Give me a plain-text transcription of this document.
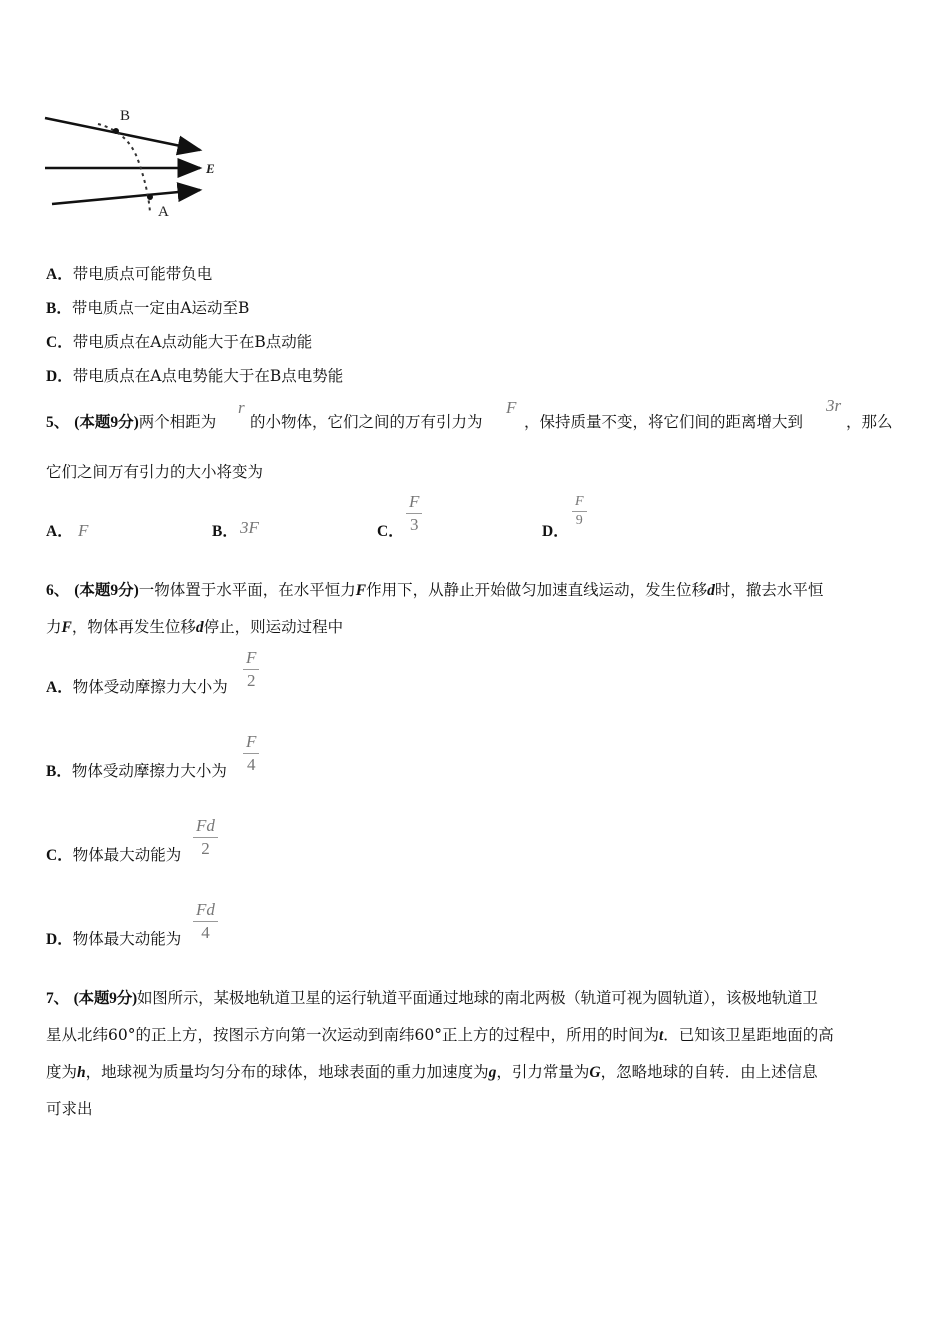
B
A
E
A．带电质点可能带负电
B．带电质点一定由A运动至B
C．带电质点在A点动能大于在B点动能
D．带电质点在A点电势能大于在B点电势能
5、 (本题9分)两个相距为
r
的小物体，它们之间的万有引力为
F
，保持质量不变，将它们间的距离增大到
3r
，那么
它们之间万有引力的大小将变为
A． F	B． 3F	C．
F
3	D．
F
9
6、 (本题9分)一物体置于水平面，在水平恒力F作用下，从静止开始做匀加速直线运动，发生位移d时，撤去水平恒
力F，物体再发生位移d停止，则运动过程中
A．物体受动摩擦力大小为
F
2
B．物体受动摩擦力大小为
F
4
C．物体最大动能为
Fd
2
D．物体最大动能为
Fd
4
7、 (本题9分)如图所示，某极地轨道卫星的运行轨道平面通过地球的南北两极（轨道可视为圆轨道），该极地轨道卫
星从北纬60°的正上方，按图示方向第一次运动到南纬60°正上方的过程中，所用的时间为t．已知该卫星距地面的高
度为h，地球视为质量均匀分布的球体，地球表面的重力加速度为g，引力常量为G，忽略地球的自转．由上述信息
可求出
